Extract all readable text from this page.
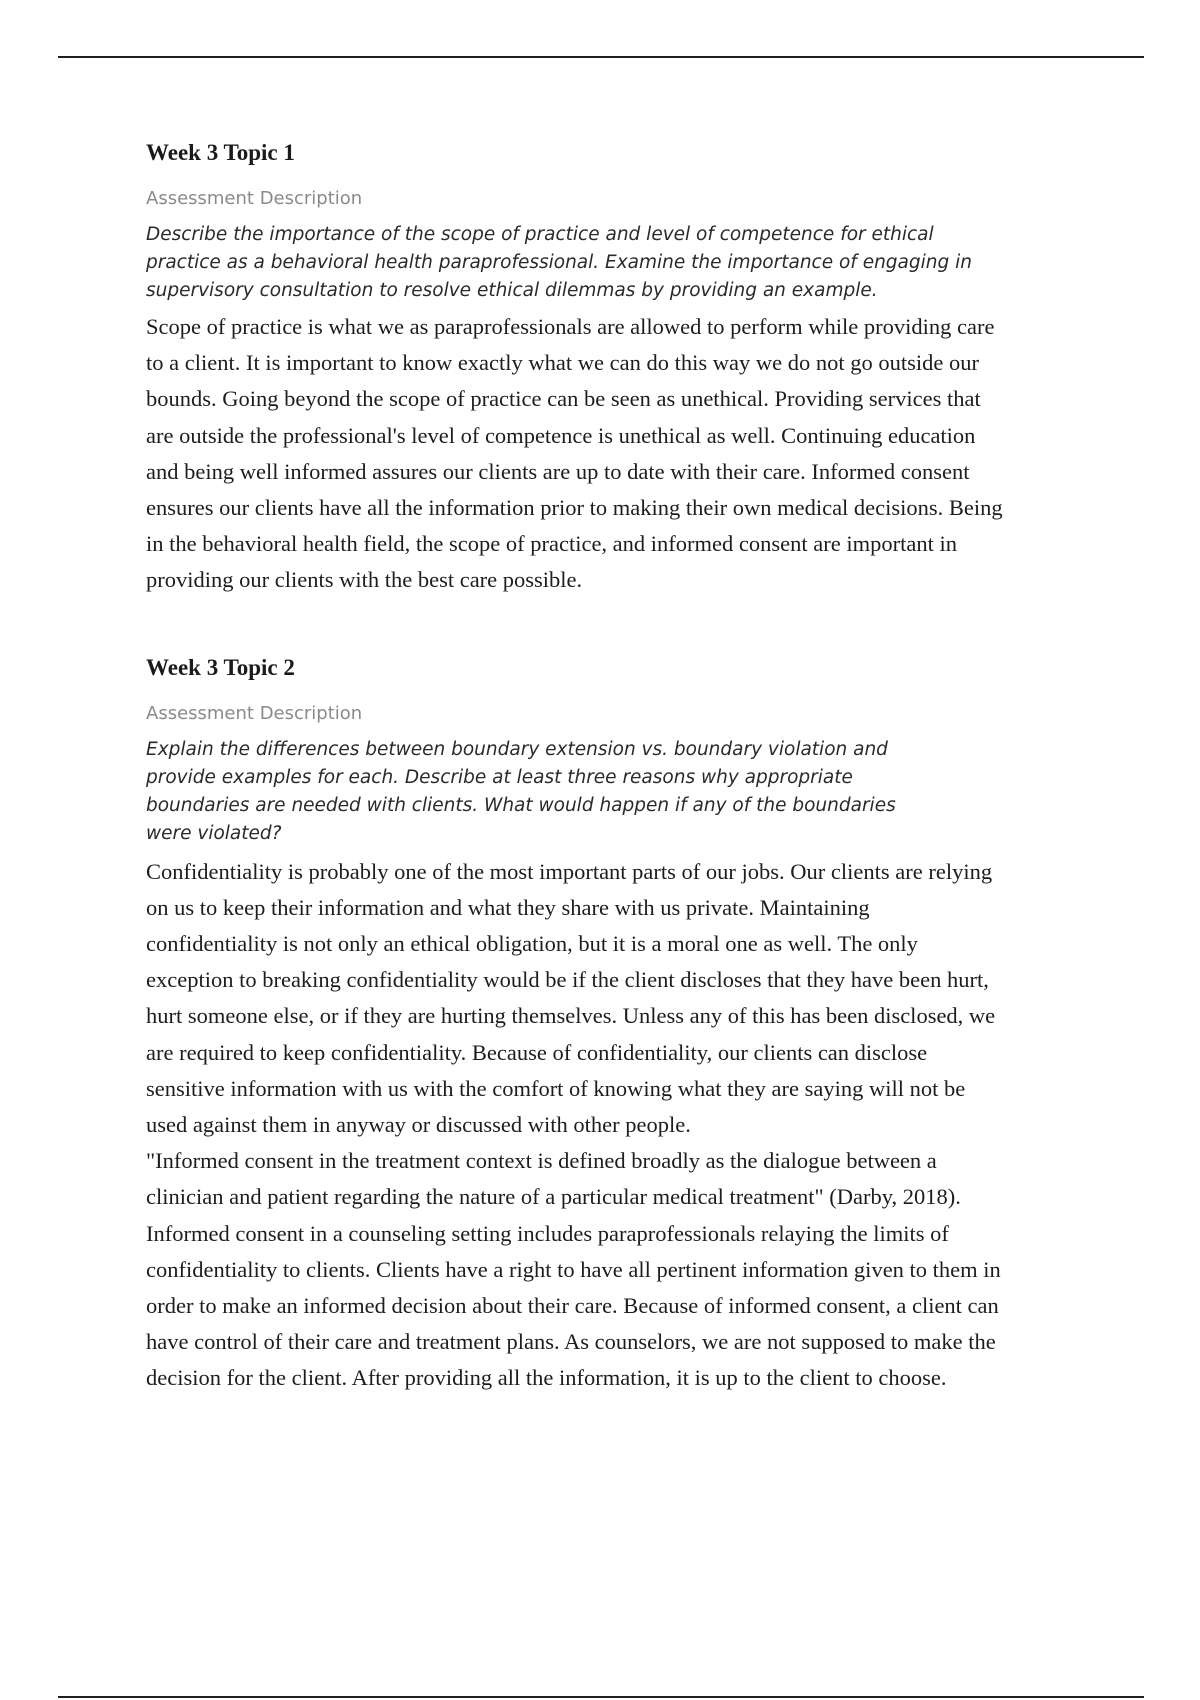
Week 3 Topic 1
Assessment Description
Describe the importance of the scope of practice and level of competence for ethical
practice as a behavioral health paraprofessional. Examine the importance of engaging in
supervisory consultation to resolve ethical dilemmas by providing an example.

Scope of practice is what we as paraprofessionals are allowed to perform while providing care
to a client. It is important to know exactly what we can do this way we do not go outside our
bounds. Going beyond the scope of practice can be seen as unethical. Providing services that
are outside the professional's level of competence is unethical as well. Continuing education
and being well informed assures our clients are up to date with their care. Informed consent
ensures our clients have all the information prior to making their own medical decisions. Being
in the behavioral health field, the scope of practice, and informed consent are important in
providing our clients with the best care possible.

Week 3 Topic 2
Assessment Description
Explain the differences between boundary extension vs. boundary violation and
provide examples for each. Describe at least three reasons why appropriate
boundaries are needed with clients. What would happen if any of the boundaries
were violated?

Confidentiality is probably one of the most important parts of our jobs. Our clients are relying
on us to keep their information and what they share with us private. Maintaining
confidentiality is not only an ethical obligation, but it is a moral one as well. The only
exception to breaking confidentiality would be if the client discloses that they have been hurt,
hurt someone else, or if they are hurting themselves. Unless any of this has been disclosed, we
are required to keep confidentiality. Because of confidentiality, our clients can disclose
sensitive information with us with the comfort of knowing what they are saying will not be
used against them in anyway or discussed with other people.
"Informed consent in the treatment context is defined broadly as the dialogue between a
clinician and patient regarding the nature of a particular medical treatment" (Darby, 2018).
Informed consent in a counseling setting includes paraprofessionals relaying the limits of
confidentiality to clients. Clients have a right to have all pertinent information given to them in
order to make an informed decision about their care. Because of informed consent, a client can
have control of their care and treatment plans. As counselors, we are not supposed to make the
decision for the client. After providing all the information, it is up to the client to choose.
